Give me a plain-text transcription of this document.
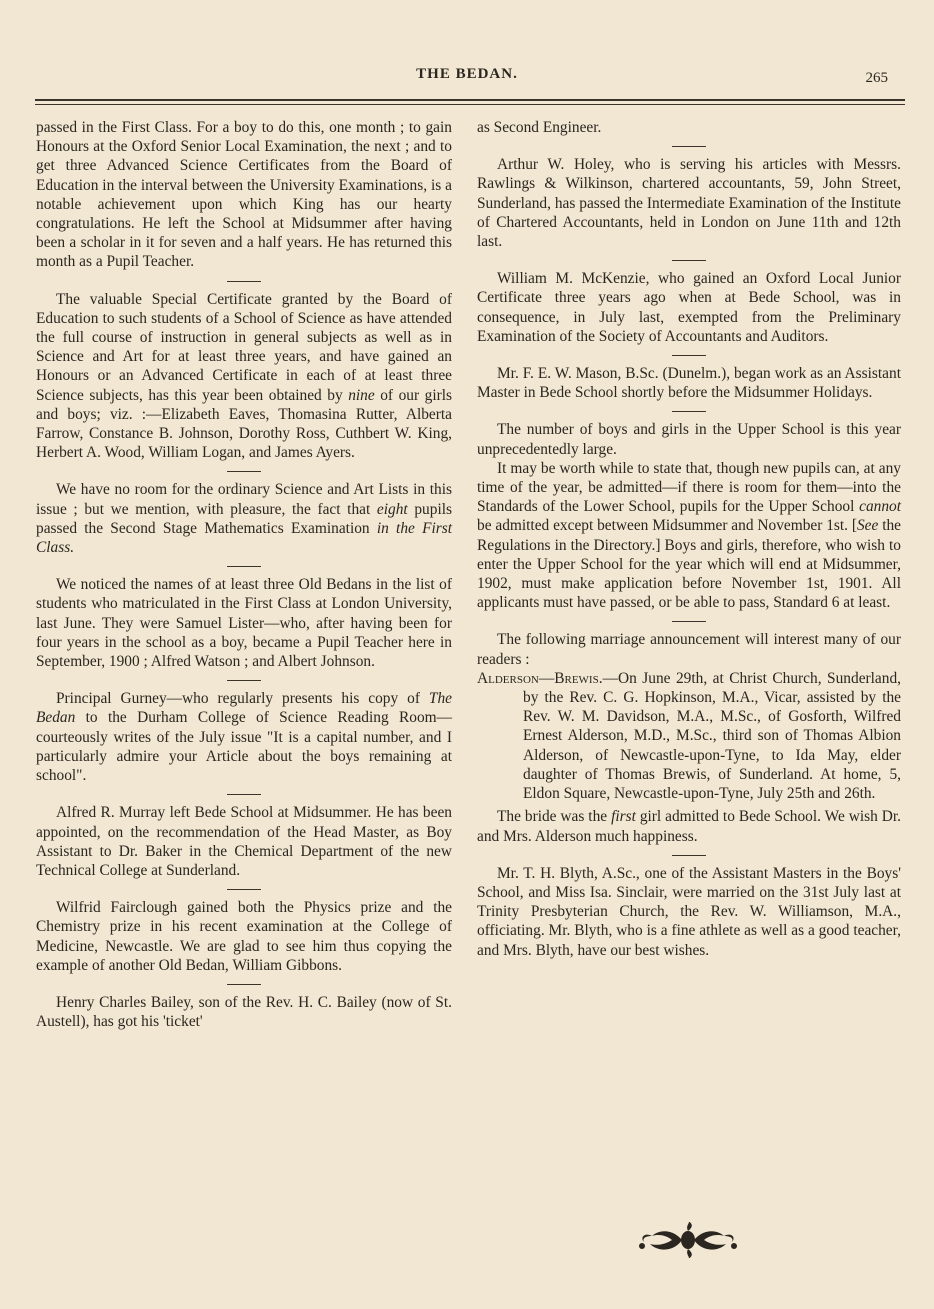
THE BEDAN.	265

passed in the First Class. For a boy to do this, one month ; to gain Honours at the Oxford Senior Local Examination, the next ; and to get three Advanced Science Certificates from the Board of Education in the interval between the University Examinations, is a notable achievement upon which King has our hearty congratulations. He left the School at Midsummer after having been a scholar in it for seven and a half years. He has returned this month as a Pupil Teacher.

The valuable Special Certificate granted by the Board of Education to such students of a School of Science as have attended the full course of instruction in general subjects as well as in Science and Art for at least three years, and have gained an Honours or an Advanced Certificate in each of at least three Science subjects, has this year been obtained by nine of our girls and boys; viz. :—Elizabeth Eaves, Thomasina Rutter, Alberta Farrow, Constance B. Johnson, Dorothy Ross, Cuthbert W. King, Herbert A. Wood, William Logan, and James Ayers.

We have no room for the ordinary Science and Art Lists in this issue ; but we mention, with pleasure, the fact that eight pupils passed the Second Stage Mathematics Examination in the First Class.

We noticed the names of at least three Old Bedans in the list of students who matriculated in the First Class at London University, last June. They were Samuel Lister—who, after having been for four years in the school as a boy, became a Pupil Teacher here in September, 1900 ; Alfred Watson ; and Albert Johnson.

Principal Gurney—who regularly presents his copy of The Bedan to the Durham College of Science Reading Room—courteously writes of the July issue "It is a capital number, and I particularly admire your Article about the boys remaining at school".

Alfred R. Murray left Bede School at Midsummer. He has been appointed, on the recommendation of the Head Master, as Boy Assistant to Dr. Baker in the Chemical Department of the new Technical College at Sunderland.

Wilfrid Fairclough gained both the Physics prize and the Chemistry prize in his recent examination at the College of Medicine, Newcastle. We are glad to see him thus copying the example of another Old Bedan, William Gibbons.

Henry Charles Bailey, son of the Rev. H. C. Bailey (now of St. Austell), has got his 'ticket'

as Second Engineer.

Arthur W. Holey, who is serving his articles with Messrs. Rawlings & Wilkinson, chartered accountants, 59, John Street, Sunderland, has passed the Intermediate Examination of the Institute of Chartered Accountants, held in London on June 11th and 12th last.

William M. McKenzie, who gained an Oxford Local Junior Certificate three years ago when at Bede School, was in consequence, in July last, exempted from the Preliminary Examination of the Society of Accountants and Auditors.

Mr. F. E. W. Mason, B.Sc. (Dunelm.), began work as an Assistant Master in Bede School shortly before the Midsummer Holidays.

The number of boys and girls in the Upper School is this year unprecedentedly large.

It may be worth while to state that, though new pupils can, at any time of the year, be admitted—if there is room for them—into the Standards of the Lower School, pupils for the Upper School cannot be admitted except between Midsummer and November 1st. [See the Regulations in the Directory.] Boys and girls, therefore, who wish to enter the Upper School for the year which will end at Midsummer, 1902, must make application before November 1st, 1901. All applicants must have passed, or be able to pass, Standard 6 at least.

The following marriage announcement will interest many of our readers :

Alderson—Brewis.—On June 29th, at Christ Church, Sunderland, by the Rev. C. G. Hopkinson, M.A., Vicar, assisted by the Rev. W. M. Davidson, M.A., M.Sc., of Gosforth, Wilfred Ernest Alderson, M.D., M.Sc., third son of Thomas Albion Alderson, of Newcastle-upon-Tyne, to Ida May, elder daughter of Thomas Brewis, of Sunderland. At home, 5, Eldon Square, Newcastle-upon-Tyne, July 25th and 26th.

The bride was the first girl admitted to Bede School. We wish Dr. and Mrs. Alderson much happiness.

Mr. T. H. Blyth, A.Sc., one of the Assistant Masters in the Boys' School, and Miss Isa. Sinclair, were married on the 31st July last at Trinity Presbyterian Church, the Rev. W. Williamson, M.A., officiating. Mr. Blyth, who is a fine athlete as well as a good teacher, and Mrs. Blyth, have our best wishes.
